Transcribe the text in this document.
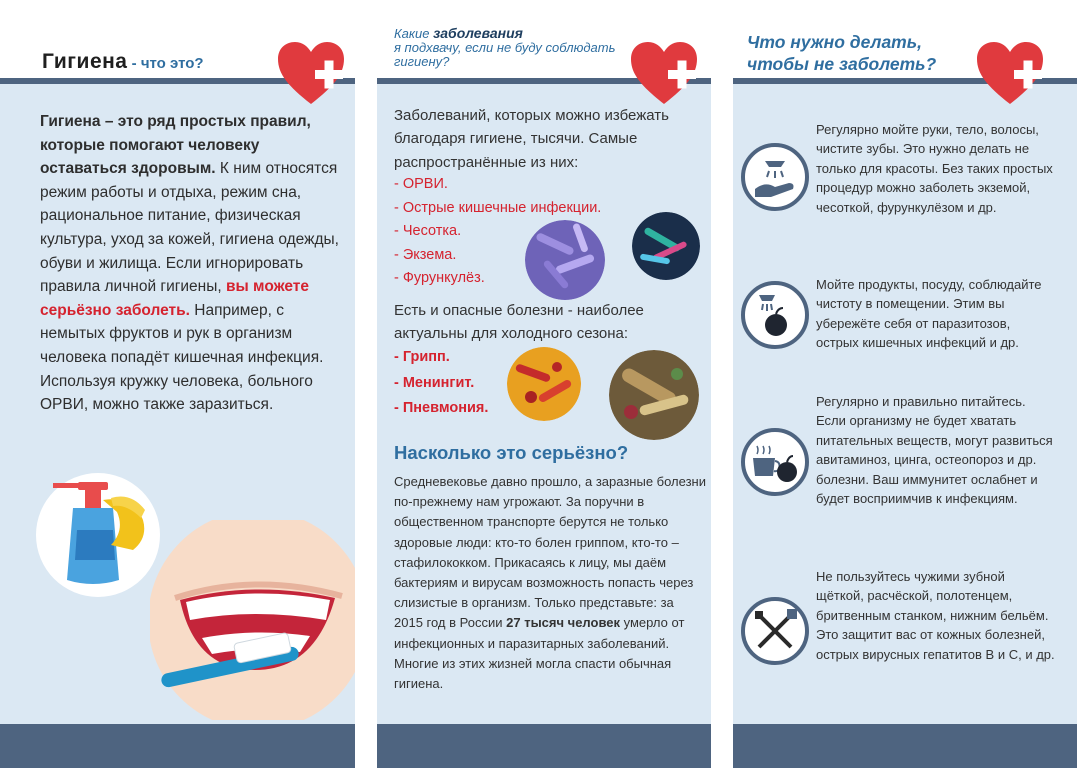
Гигиена - что это?
Гигиена – это ряд простых правил, которые помогают человеку оставаться здоровым. К ним относятся режим работы и отдыха, режим сна, рациональное питание, физическая культура, уход за кожей, гигиена одежды, обуви и жилища. Если игнорировать правила личной гигиены, вы можете серьёзно заболеть. Например, с немытых фруктов и рук в организм человека попадёт кишечная инфекция. Используя кружку человека, больного ОРВИ, можно также заразиться.
Какие заболевания
я подхвачу, если не буду соблюдать гигиену?
Заболеваний, которых можно избежать благодаря гигиене, тысячи. Самые распространённые из них:
- ОРВИ.
- Острые кишечные инфекции.
- Чесотка.
- Экзема.
- Фурункулёз.
Есть и опасные болезни - наиболее актуальны для холодного сезона:
- Грипп.
- Менингит.
- Пневмония.
Насколько это серьёзно?
Средневековье давно прошло, а заразные болезни по-прежнему нам угрожают. За поручни в общественном транспорте берутся не только здоровые люди: кто-то болен гриппом, кто-то – стафилококком. Прикасаясь к лицу, мы даём бактериям и вирусам возможность попасть через слизистые в организм. Только представьте: за 2015 год в России 27 тысяч человек умерло от инфекционных и паразитарных заболеваний. Многие из этих жизней могла спасти обычная гигиена.
Что нужно делать, чтобы не заболеть?
Регулярно мойте руки, тело, волосы, чистите зубы. Это нужно делать не только для красоты. Без таких простых процедур можно заболеть экземой, чесоткой, фурункулёзом и др.
Мойте продукты, посуду, соблюдайте чистоту в помещении. Этим вы убережёте себя от паразитозов, острых кишечных инфекций и др.
Регулярно и правильно питайтесь. Если организму не будет хватать питательных веществ, могут развиться авитаминоз, цинга, остеопороз и др. болезни. Ваш иммунитет ослабнет и будет восприимчив к инфекциям.
Не пользуйтесь чужими зубной щёткой, расчёской, полотенцем, бритвенным станком, нижним бельём. Это защитит вас от кожных болезней, острых вирусных гепатитов В и С, и др.
